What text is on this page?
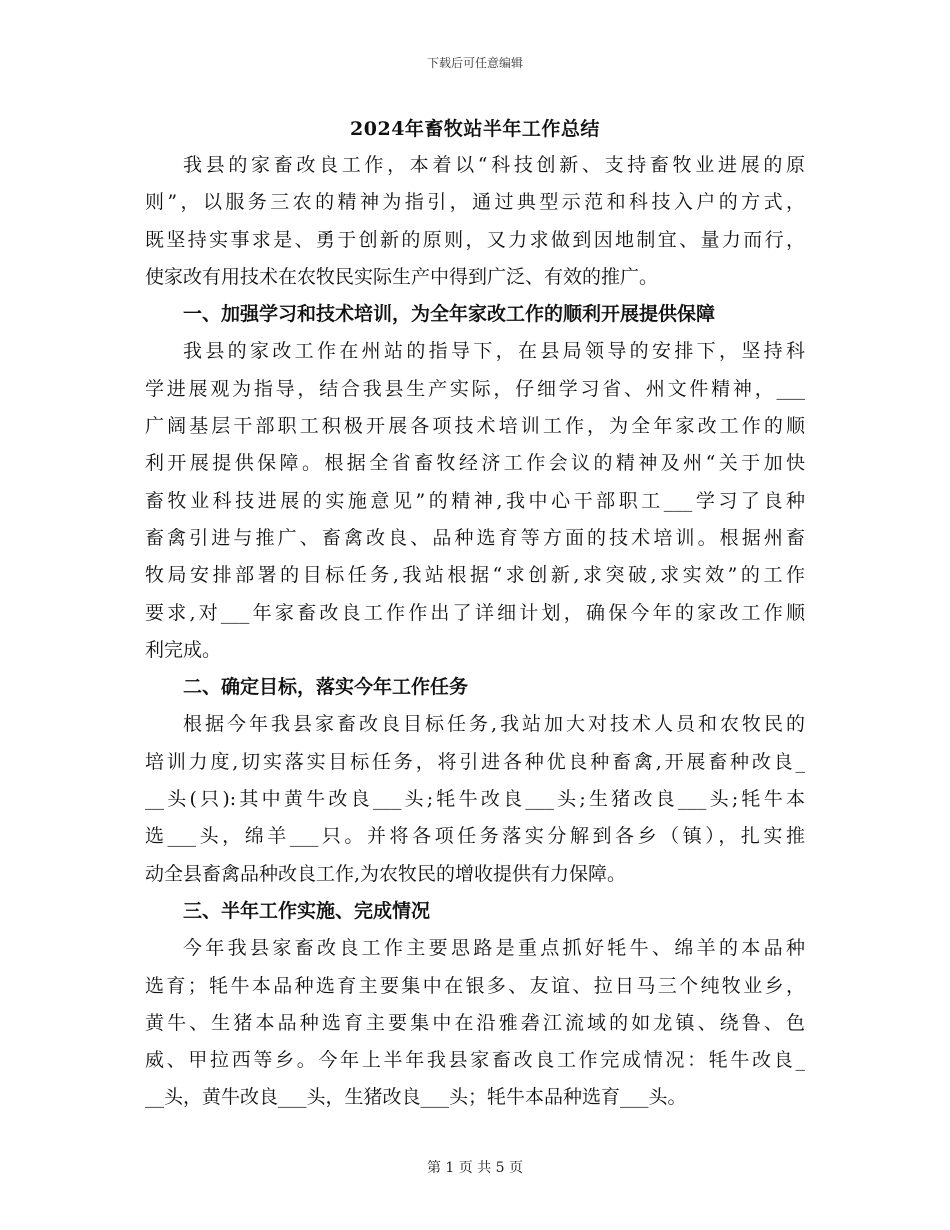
下载后可任意编辑
2024年畜牧站半年工作总结
我县的家畜改良工作，本着以“科技创新、支持畜牧业进展的原
则”，以服务三农的精神为指引，通过典型示范和科技入户的方式，
既坚持实事求是、勇于创新的原则，又力求做到因地制宜、量力而行，
使家改有用技术在农牧民实际生产中得到广泛、有效的推广。
一、加强学习和技术培训，为全年家改工作的顺利开展提供保障
我县的家改工作在州站的指导下，在县局领导的安排下，坚持科
学进展观为指导，结合我县生产实际，仔细学习省、州文件精神，___
广阔基层干部职工积极开展各项技术培训工作，为全年家改工作的顺
利开展提供保障。根据全省畜牧经济工作会议的精神及州“关于加快
畜牧业科技进展的实施意见”的精神,我中心干部职工___学习了良种
畜禽引进与推广、畜禽改良、品种选育等方面的技术培训。根据州畜
牧局安排部署的目标任务,我站根据“求创新,求突破,求实效”的工作
要求,对___年家畜改良工作作出了详细计划，确保今年的家改工作顺
利完成。
二、确定目标，落实今年工作任务
根据今年我县家畜改良目标任务,我站加大对技术人员和农牧民的
培训力度,切实落实目标任务，将引进各种优良种畜禽,开展畜种改良_
__头(只):其中黄牛改良___头;牦牛改良___头;生猪改良___头;牦牛本
选___头，绵羊___只。并将各项任务落实分解到各乡（镇），扎实推
动全县畜禽品种改良工作,为农牧民的增收提供有力保障。
三、半年工作实施、完成情况
今年我县家畜改良工作主要思路是重点抓好牦牛、绵羊的本品种
选育；牦牛本品种选育主要集中在银多、友谊、拉日马三个纯牧业乡，
黄牛、生猪本品种选育主要集中在沿雅砻江流域的如龙镇、绕鲁、色
威、甲拉西等乡。今年上半年我县家畜改良工作完成情况：牦牛改良_
__头，黄牛改良___头，生猪改良___头；牦牛本品种选育___头。
第 1 页 共 5 页
